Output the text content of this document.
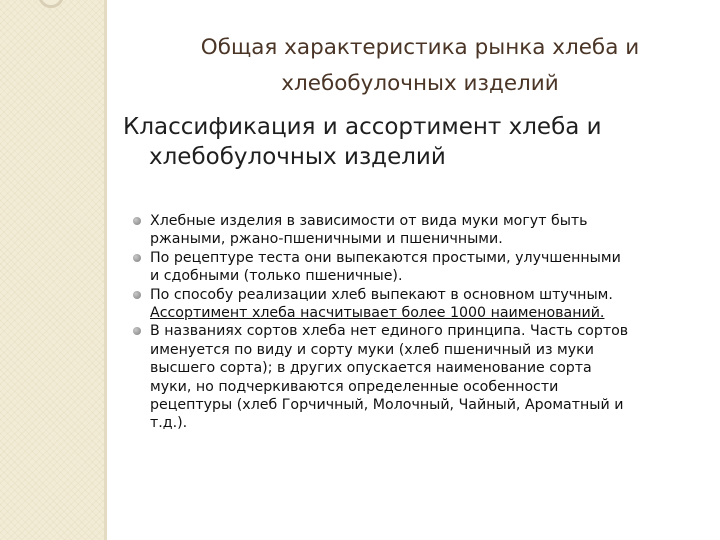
Общая характеристика рынка хлеба и
хлебобулочных изделий
Классификация и ассортимент хлеба и
хлебобулочных изделий
Хлебные изделия в зависимости от вида муки могут быть
ржаными, ржано-пшеничными и пшеничными.
По рецептуре теста они выпекаются простыми, улучшенными
и сдобными (только пшеничные).
По способу реализации хлеб выпекают в основном штучным.
Ассортимент хлеба насчитывает более 1000 наименований.
В названиях сортов хлеба нет единого принципа. Часть сортов
именуется по виду и сорту муки (хлеб пшеничный из муки
высшего сорта); в других опускается наименование сорта
муки, но подчеркиваются определенные особенности
рецептуры (хлеб Горчичный, Молочный, Чайный, Ароматный и
т.д.).
